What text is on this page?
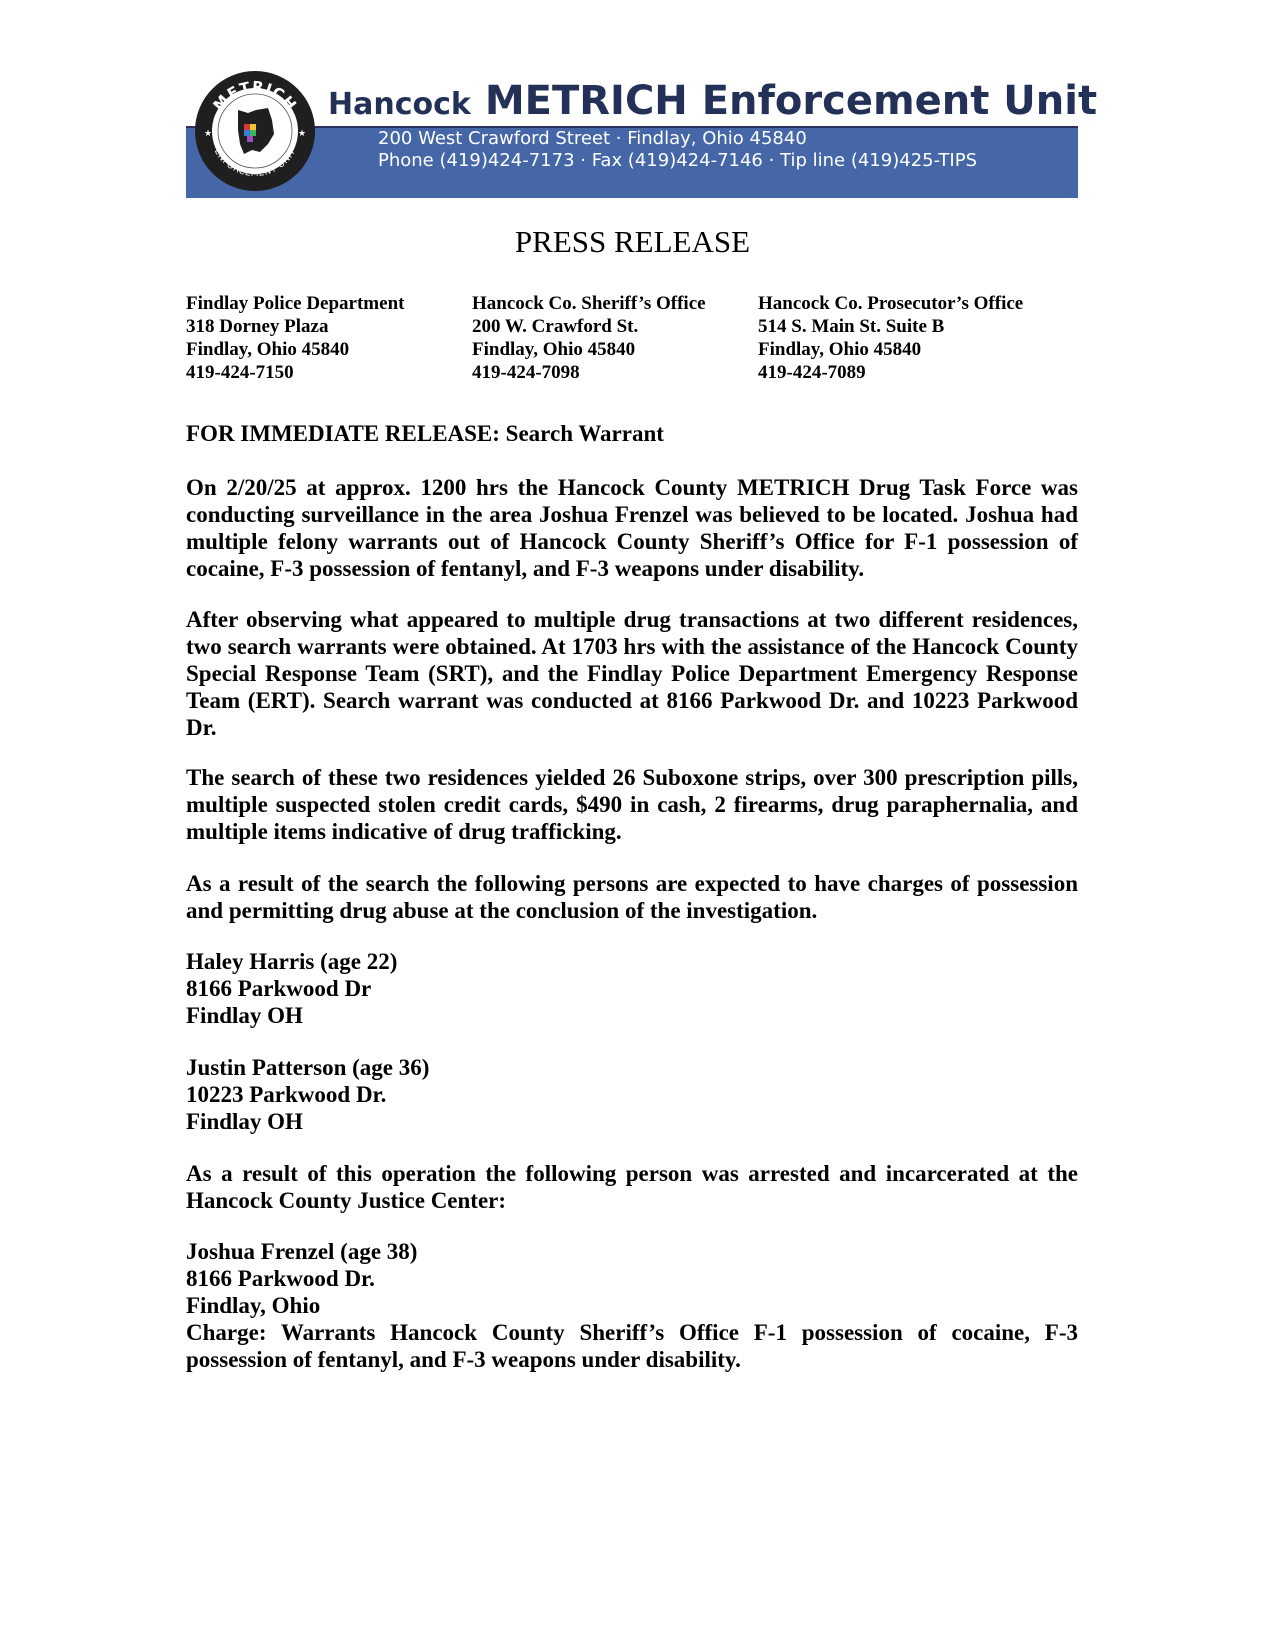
METRICH
ENFORCEMENT UNIT
★	★
Hancock METRICH Enforcement Unit
200 West Crawford Street · Findlay, Ohio 45840
Phone (419)424-7173 · Fax (419)424-7146 · Tip line (419)425-TIPS
PRESS RELEASE
Findlay Police Department
318 Dorney Plaza
Findlay, Ohio 45840
419-424-7150
Hancock Co. Sheriff’s Office
200 W. Crawford St.
Findlay, Ohio 45840
419-424-7098
Hancock Co. Prosecutor’s Office
514 S. Main St. Suite B
Findlay, Ohio 45840
419-424-7089
FOR IMMEDIATE RELEASE: Search Warrant
On 2/20/25 at approx. 1200 hrs the Hancock County METRICH Drug Task Force was conducting surveillance in the area Joshua Frenzel was believed to be located. Joshua had multiple felony warrants out of Hancock County Sheriff’s Office for F-1 possession of cocaine, F-3 possession of fentanyl, and F-3 weapons under disability.
After observing what appeared to multiple drug transactions at two different residences, two search warrants were obtained. At 1703 hrs with the assistance of the Hancock County Special Response Team (SRT), and the Findlay Police Department Emergency Response Team (ERT). Search warrant was conducted at 8166 Parkwood Dr. and 10223 Parkwood Dr.
The search of these two residences yielded 26 Suboxone strips, over 300 prescription pills, multiple suspected stolen credit cards, $490 in cash, 2 firearms, drug paraphernalia, and multiple items indicative of drug trafficking.
As a result of the search the following persons are expected to have charges of possession and permitting drug abuse at the conclusion of the investigation.
Haley Harris (age 22)
8166 Parkwood Dr
Findlay OH
Justin Patterson (age 36)
10223 Parkwood Dr.
Findlay OH
As a result of this operation the following person was arrested and incarcerated at the Hancock County Justice Center:
Joshua Frenzel (age 38)
8166 Parkwood Dr.
Findlay, Ohio
Charge: Warrants Hancock County Sheriff’s Office F-1 possession of cocaine, F-3 possession of fentanyl, and F-3 weapons under disability.
